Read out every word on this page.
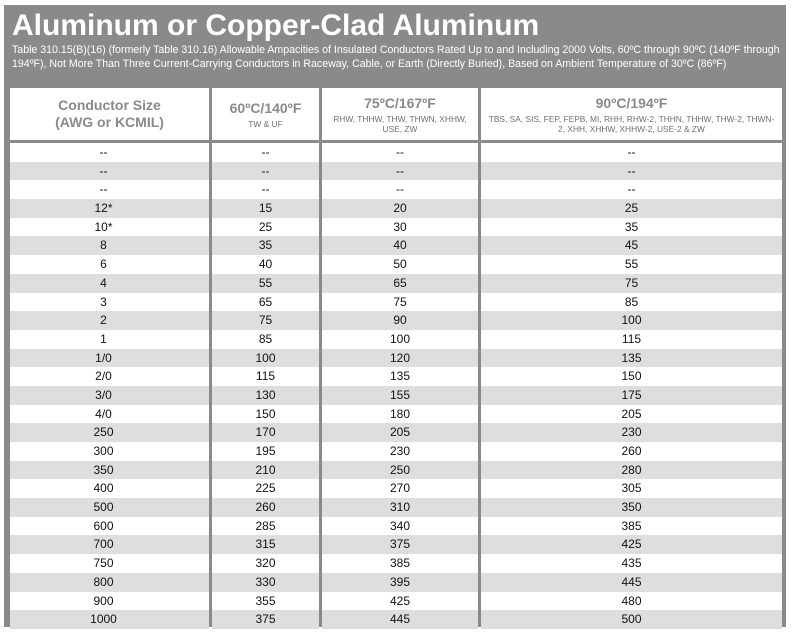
Aluminum or Copper-Clad Aluminum
Table 310.15(B)(16) (formerly Table 310.16) Allowable Ampacities of Insulated Conductors Rated Up to and Including 2000 Volts, 60ºC through 90ºC (140ºF through 194ºF), Not More Than Three Current-Carrying Conductors in Raceway, Cable, or Earth (Directly Buried), Based on Ambient Temperature of 30ºC (86ºF)
Conductor Size
(AWG or KCMIL)
--
--
--
12*
10*
8
6
4
3
2
1
1/0
2/0
3/0
4/0
250
300
350
400
500
600
700
750
800
900
1000
60ºC/140ºF
TW & UF
--
--
--
15
25
35
40
55
65
75
85
100
115
130
150
170
195
210
225
260
285
315
320
330
355
375
75ºC/167ºF
RHW, THHW, THW, THWN, XHHW, USE, ZW
--
--
--
20
30
40
50
65
75
90
100
120
135
155
180
205
230
250
270
310
340
375
385
395
425
445
90ºC/194ºF
TBS, SA, SIS, FEP, FEPB, MI, RHH, RHW-2, THHN, THHW, THW-2, THWN-2, XHH, XHHW, XHHW-2, USE-2 & ZW
--
--
--
25
35
45
55
75
85
100
115
135
150
175
205
230
260
280
305
350
385
425
435
445
480
500
